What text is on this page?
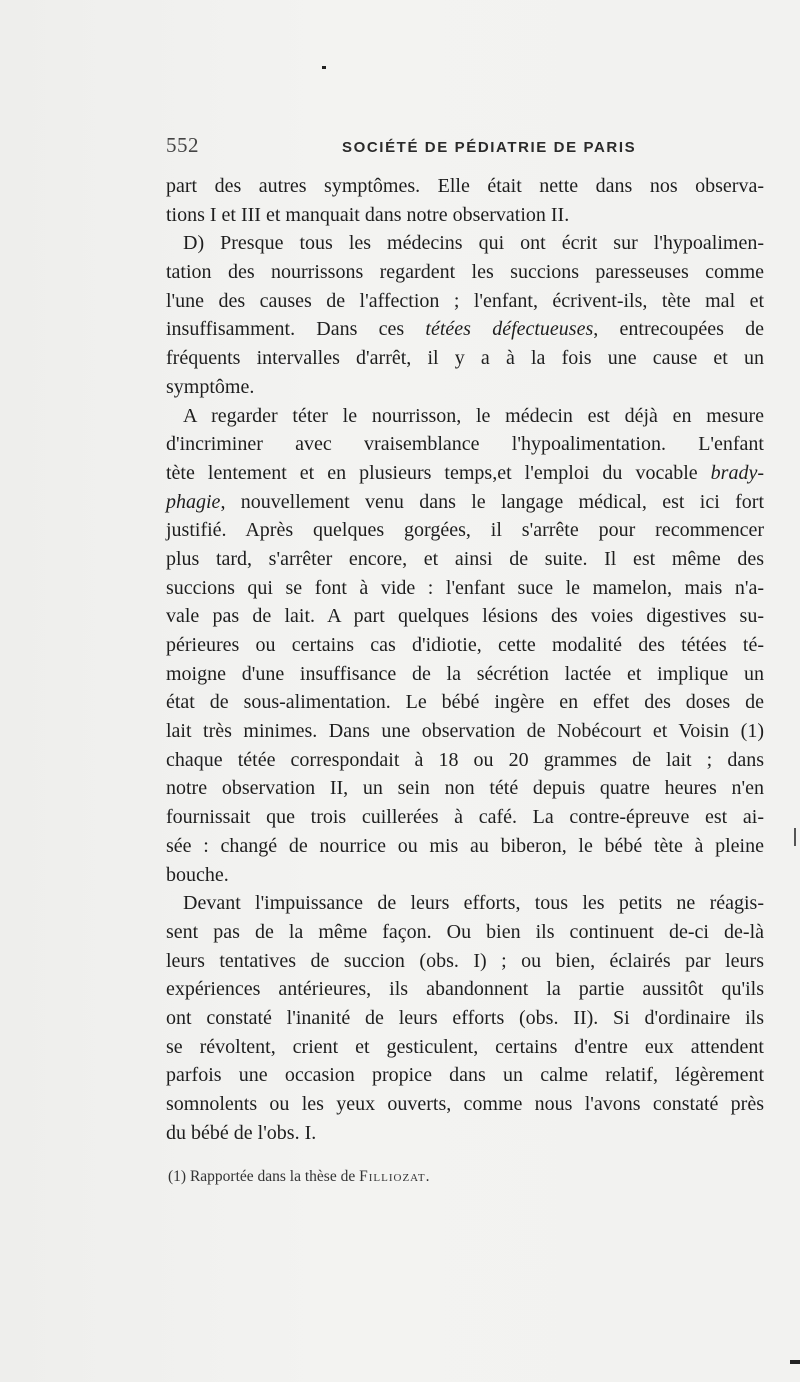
552	SOCIÉTÉ DE PÉDIATRIE DE PARIS
part des autres symptômes. Elle était nette dans nos observa-
tions I et III et manquait dans notre observation II.
D) Presque tous les médecins qui ont écrit sur l'hypoalimen-
tation des nourrissons regardent les succions paresseuses comme
l'une des causes de l'affection ; l'enfant, écrivent-ils, tète mal et
insuffisamment. Dans ces tétées défectueuses, entrecoupées de
fréquents intervalles d'arrêt, il y a à la fois une cause et un
symptôme.
A regarder téter le nourrisson, le médecin est déjà en mesure
d'incriminer avec vraisemblance l'hypoalimentation. L'enfant
tète lentement et en plusieurs temps,et l'emploi du vocable brady-
phagie, nouvellement venu dans le langage médical, est ici fort
justifié. Après quelques gorgées, il s'arrête pour recommencer
plus tard, s'arrêter encore, et ainsi de suite. Il est même des
succions qui se font à vide : l'enfant suce le mamelon, mais n'a-
vale pas de lait. A part quelques lésions des voies digestives su-
périeures ou certains cas d'idiotie, cette modalité des tétées té-
moigne d'une insuffisance de la sécrétion lactée et implique un
état de sous-alimentation. Le bébé ingère en effet des doses de
lait très minimes. Dans une observation de Nobécourt et Voisin (1)
chaque tétée correspondait à 18 ou 20 grammes de lait ; dans
notre observation II, un sein non tété depuis quatre heures n'en
fournissait que trois cuillerées à café. La contre-épreuve est ai-
sée : changé de nourrice ou mis au biberon, le bébé tète à pleine
bouche.
Devant l'impuissance de leurs efforts, tous les petits ne réagis-
sent pas de la même façon. Ou bien ils continuent de-ci de-là
leurs tentatives de succion (obs. I) ; ou bien, éclairés par leurs
expériences antérieures, ils abandonnent la partie aussitôt qu'ils
ont constaté l'inanité de leurs efforts (obs. II). Si d'ordinaire ils
se révoltent, crient et gesticulent, certains d'entre eux attendent
parfois une occasion propice dans un calme relatif, légèrement
somnolents ou les yeux ouverts, comme nous l'avons constaté près
du bébé de l'obs. I.
(1) Rapportée dans la thèse de Filliozat.
